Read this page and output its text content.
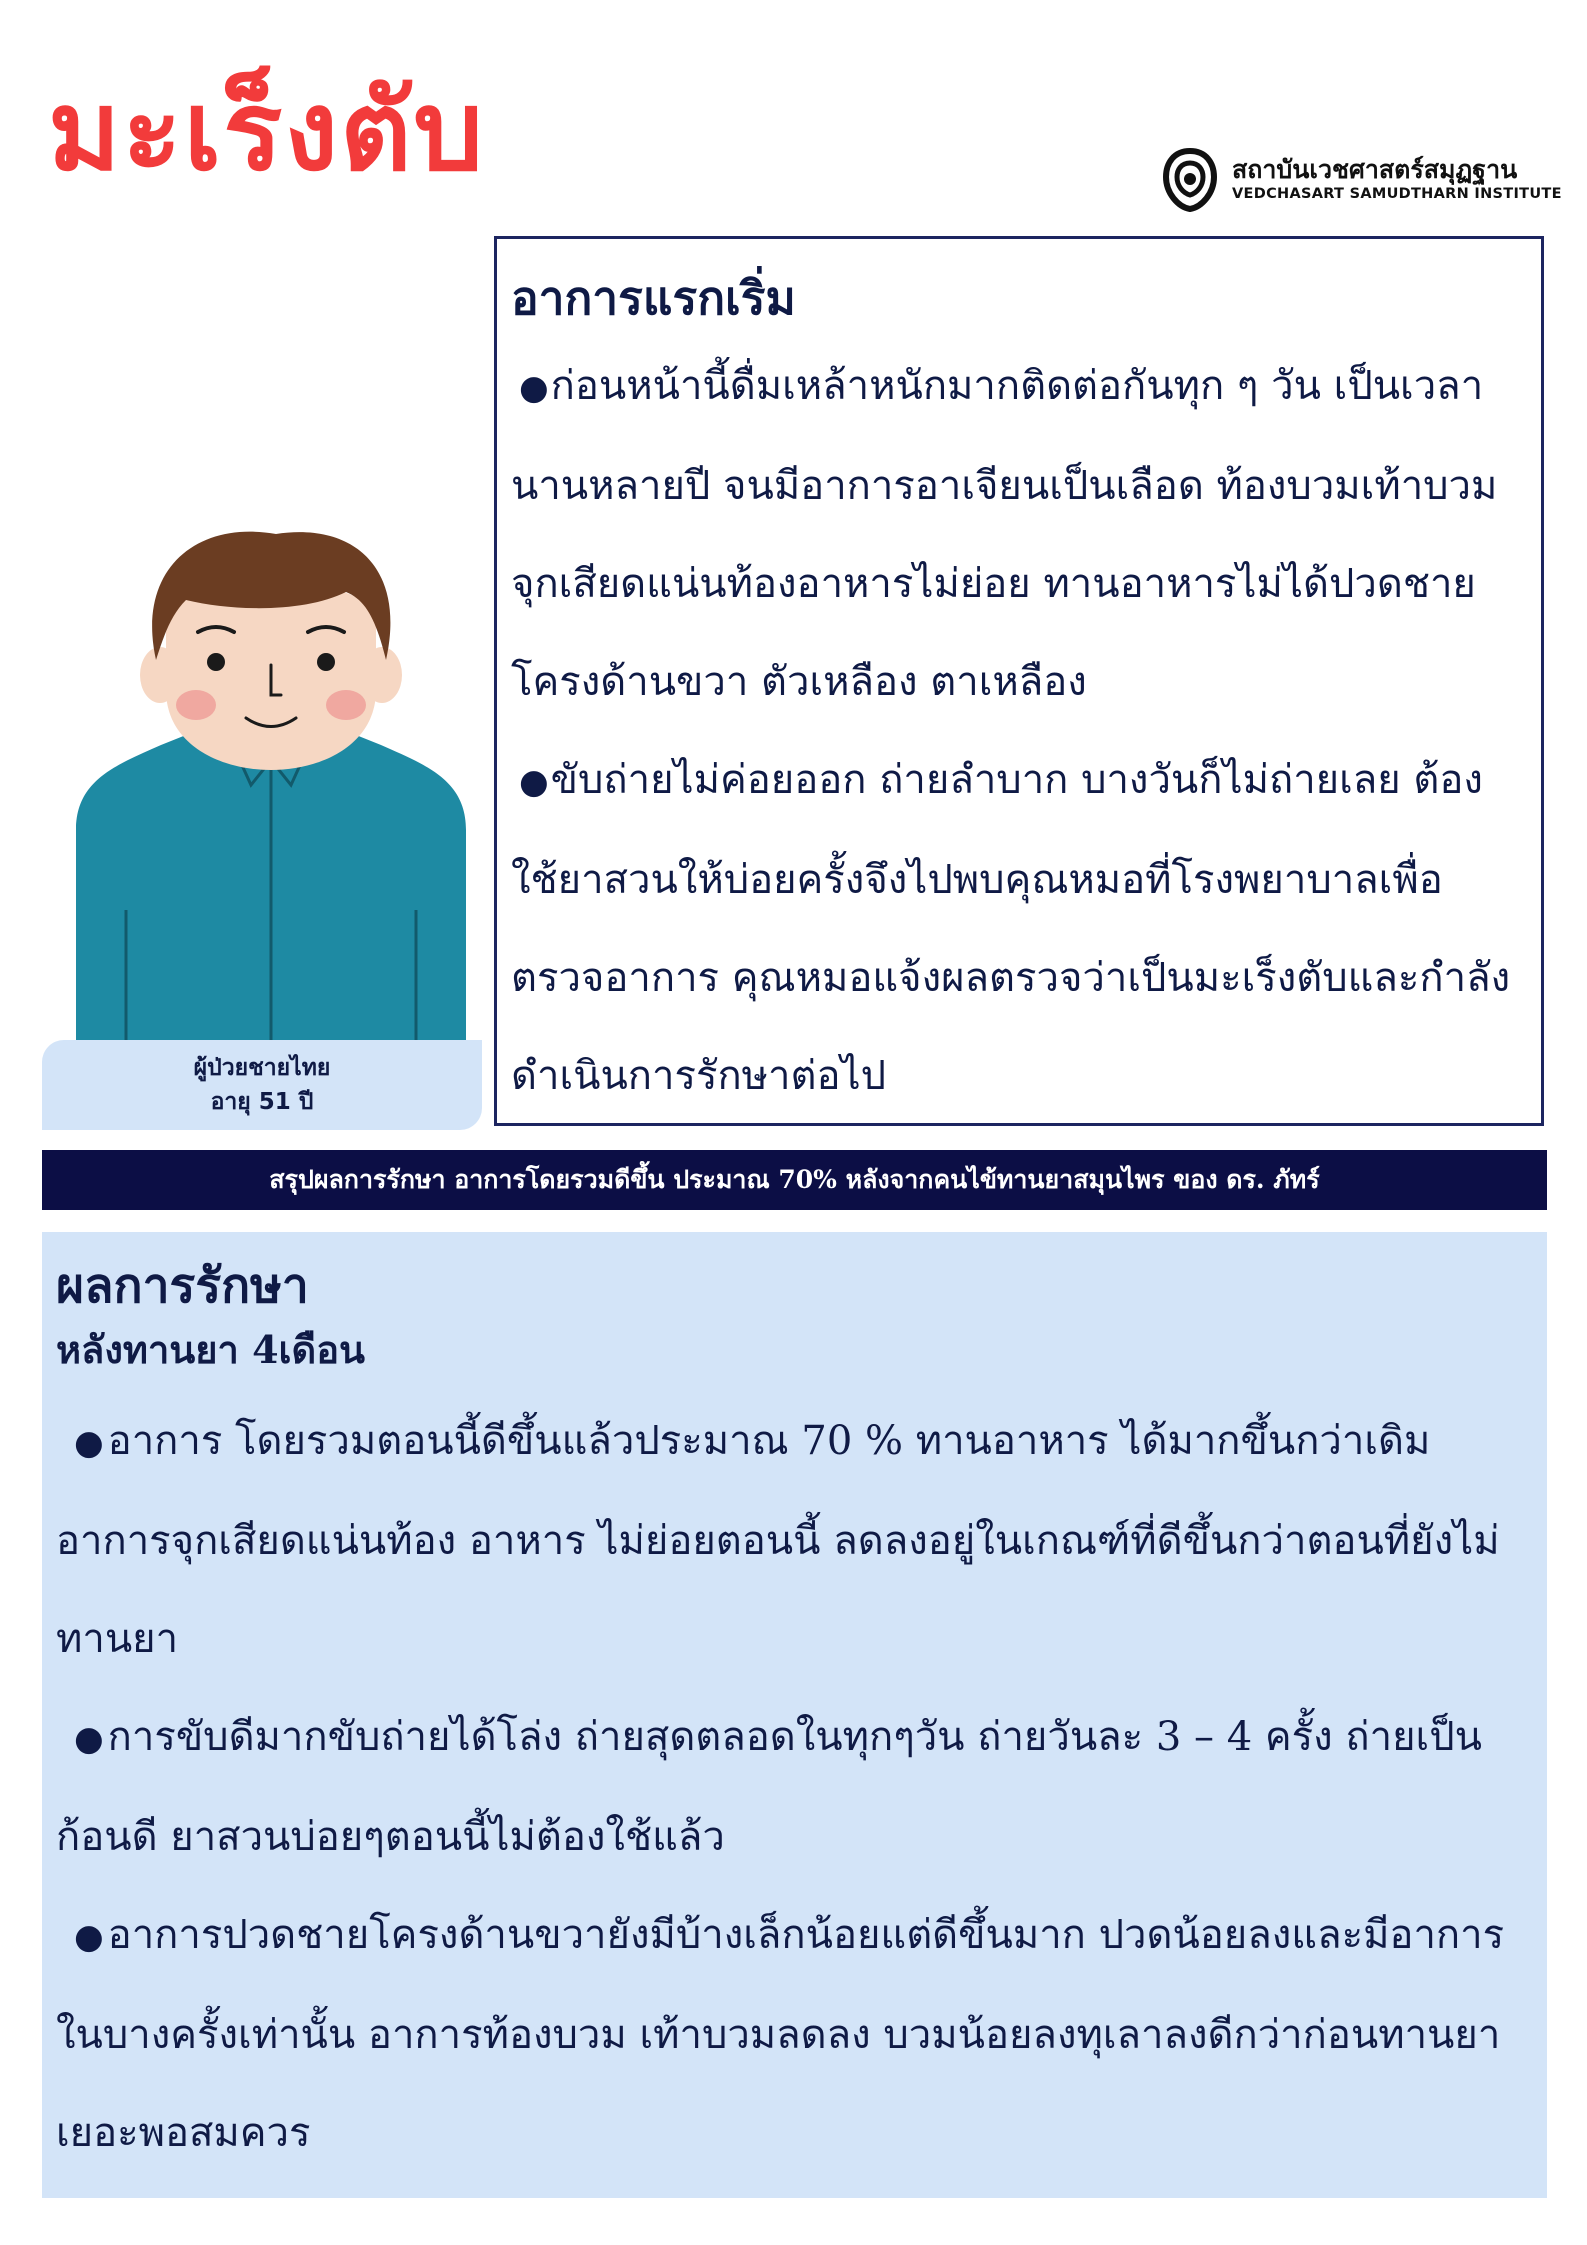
มะเร็งตับ	สถาบันเวชศาสตร์สมุฏฐาน
VEDCHASART SAMUDTHARN INSTITUTE
ผู้ป่วยชายไทย
อายุ 51 ปี
อาการแรกเริ่ม

●ก่อนหน้านี้ดื่มเหล้าหนักมากติดต่อกันทุก ๆ วัน เป็นเวลานานหลายปี จนมีอาการอาเจียนเป็นเลือด ท้องบวมเท้าบวม จุกเสียดแน่นท้องอาหารไม่ย่อย ทานอาหารไม่ได้ปวดชายโครงด้านขวา ตัวเหลือง ตาเหลือง

●ขับถ่ายไม่ค่อยออก ถ่ายลำบาก บางวันก็ไม่ถ่ายเลย ต้องใช้ยาสวนให้บ่อยครั้งจึงไปพบคุณหมอที่โรงพยาบาลเพื่อตรวจอาการ คุณหมอแจ้งผลตรวจว่าเป็นมะเร็งตับและกำลังดำเนินการรักษาต่อไป

สรุปผลการรักษา อาการโดยรวมดีขึ้น ประมาณ 70% หลังจากคนไข้ทานยาสมุนไพร ของ ดร. ภัทร์
ผลการรักษา
หลังทานยา 4เดือน

● อาการ โดยรวมตอนนี้ดีขึ้นแล้วประมาณ 70 % ทานอาหาร ได้มากขึ้นกว่าเดิม อาการจุกเสียดแน่นท้อง อาหาร ไม่ย่อยตอนนี้ ลดลงอยู่ในเกณฑ์ที่ดีขึ้นกว่าตอนที่ยังไม่ทานยา

● การขับดีมากขับถ่ายได้โล่ง ถ่ายสุดตลอดในทุกๆวัน ถ่ายวันละ 3 – 4 ครั้ง ถ่ายเป็นก้อนดี ยาสวนบ่อยๆตอนนี้ไม่ต้องใช้แล้ว

● อาการปวดชายโครงด้านขวายังมีบ้างเล็กน้อยแต่ดีขึ้นมาก ปวดน้อยลงและมีอาการในบางครั้งเท่านั้น อาการท้องบวม เท้าบวมลดลง บวมน้อยลงทุเลาลงดีกว่าก่อนทานยาเยอะพอสมควร
